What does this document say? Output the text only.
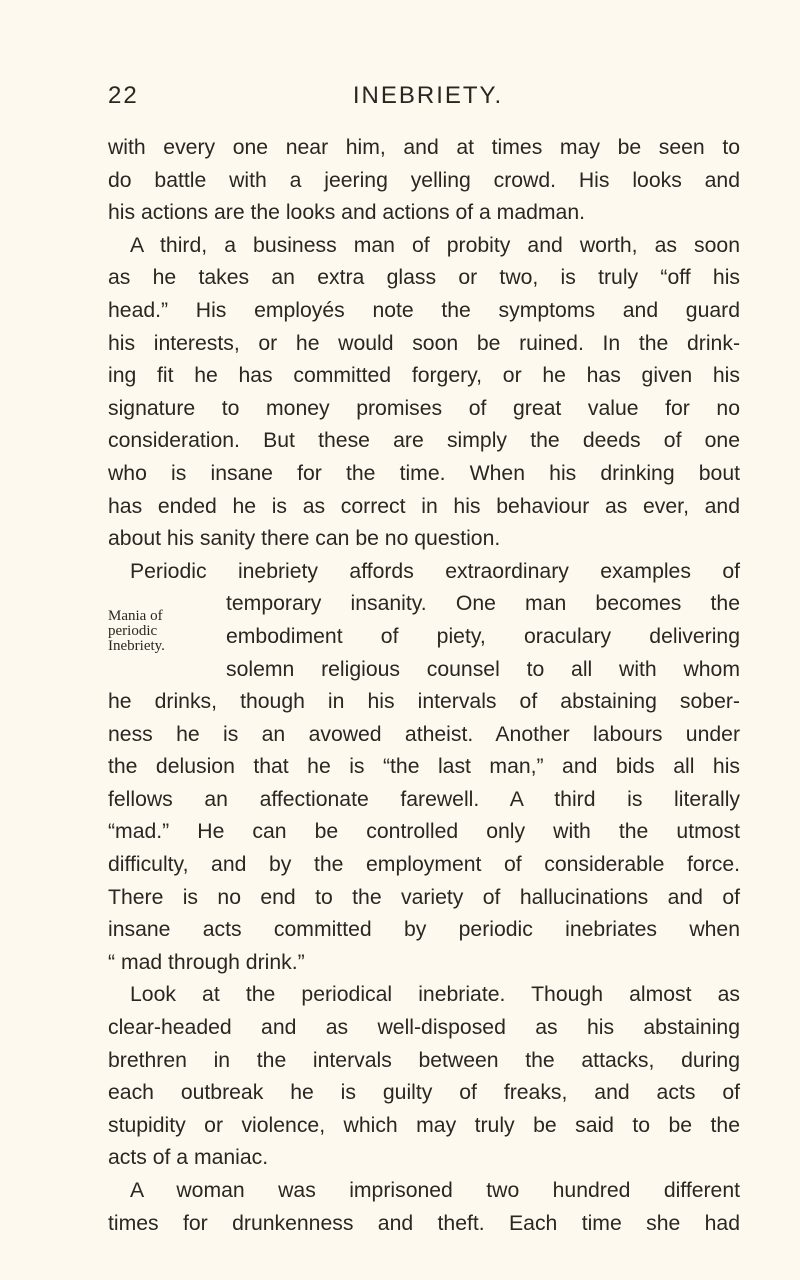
22	INEBRIETY.

with every one near him, and at times may be seen to

do battle with a jeering yelling crowd. His looks and

his actions are the looks and actions of a madman.

A third, a business man of probity and worth, as soon

as he takes an extra glass or two, is truly “off his

head.” His employés note the symptoms and guard

his interests, or he would soon be ruined. In the drink-

ing fit he has committed forgery, or he has given his

signature to money promises of great value for no

consideration. But these are simply the deeds of one

who is insane for the time. When his drinking bout

has ended he is as correct in his behaviour as ever, and

about his sanity there can be no question.

Periodic inebriety affords extraordinary examples of

Mania of
periodic
Inebriety.

temporary insanity. One man becomes the

embodiment of piety, oraculary delivering

solemn religious counsel to all with whom

he drinks, though in his intervals of abstaining sober-

ness he is an avowed atheist. Another labours under

the delusion that he is “the last man,” and bids all his

fellows an affectionate farewell. A third is literally

“mad.” He can be controlled only with the utmost

difficulty, and by the employment of considerable force.

There is no end to the variety of hallucinations and of

insane acts committed by periodic inebriates when

“ mad through drink.”

Look at the periodical inebriate. Though almost as

clear-headed and as well-disposed as his abstaining

brethren in the intervals between the attacks, during

each outbreak he is guilty of freaks, and acts of

stupidity or violence, which may truly be said to be the

acts of a maniac.

A woman was imprisoned two hundred different

times for drunkenness and theft. Each time she had
